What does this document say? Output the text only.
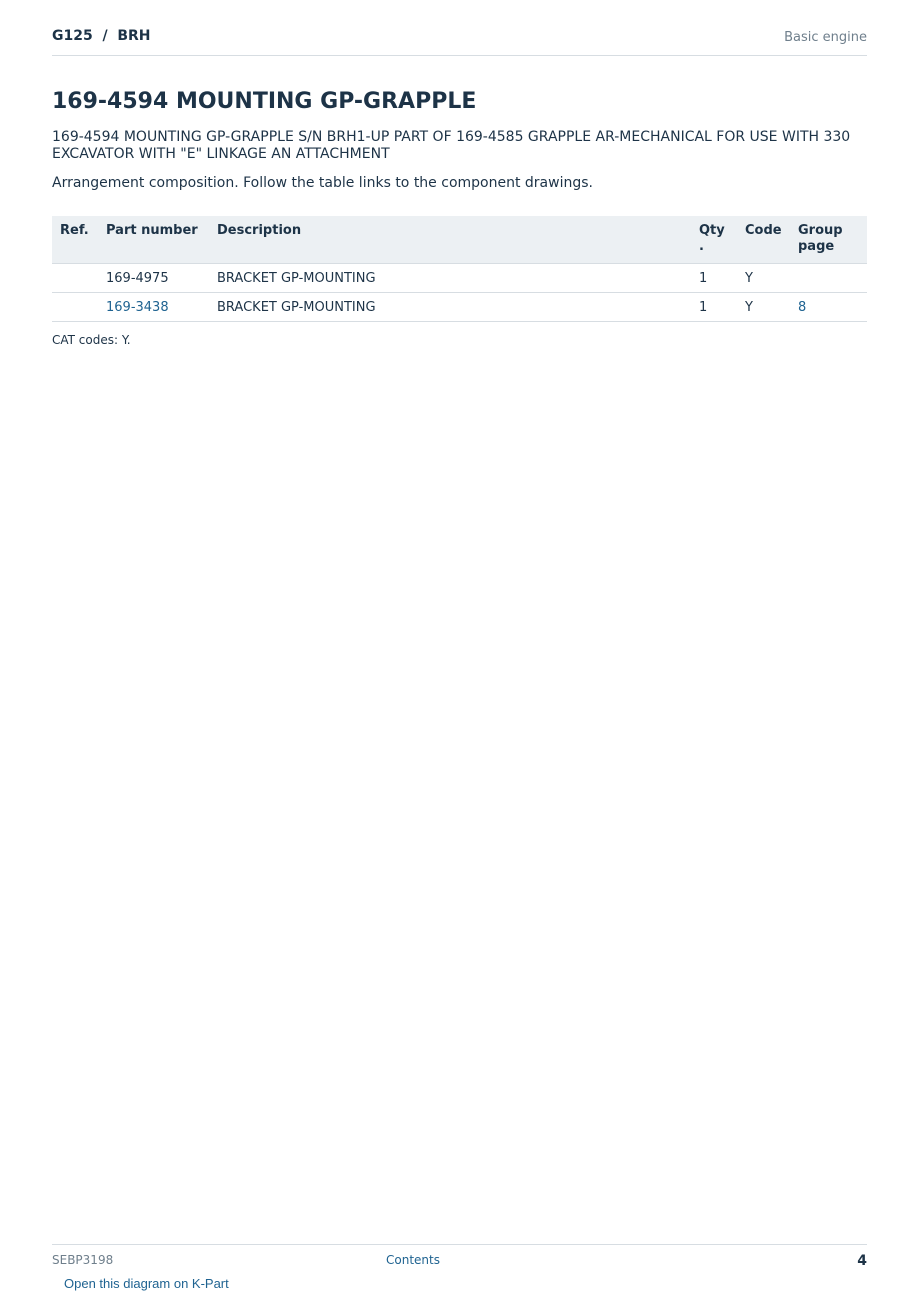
G125  /  BRH	Basic engine
169-4594 MOUNTING GP-GRAPPLE

169-4594 MOUNTING GP-GRAPPLE S/N BRH1-UP PART OF 169-4585 GRAPPLE AR-MECHANICAL FOR USE WITH 330 EXCAVATOR WITH "E" LINKAGE AN ATTACHMENT

Arrangement composition. Follow the table links to the component drawings.

Ref.	Part number	Description	Qty .	Code	Group page
	169-4975	BRACKET GP-MOUNTING	1	Y	
	169-3438	BRACKET GP-MOUNTING	1	Y	8

CAT codes: Y.

SEBP3198	Contents	4
Open this diagram on K-Part
